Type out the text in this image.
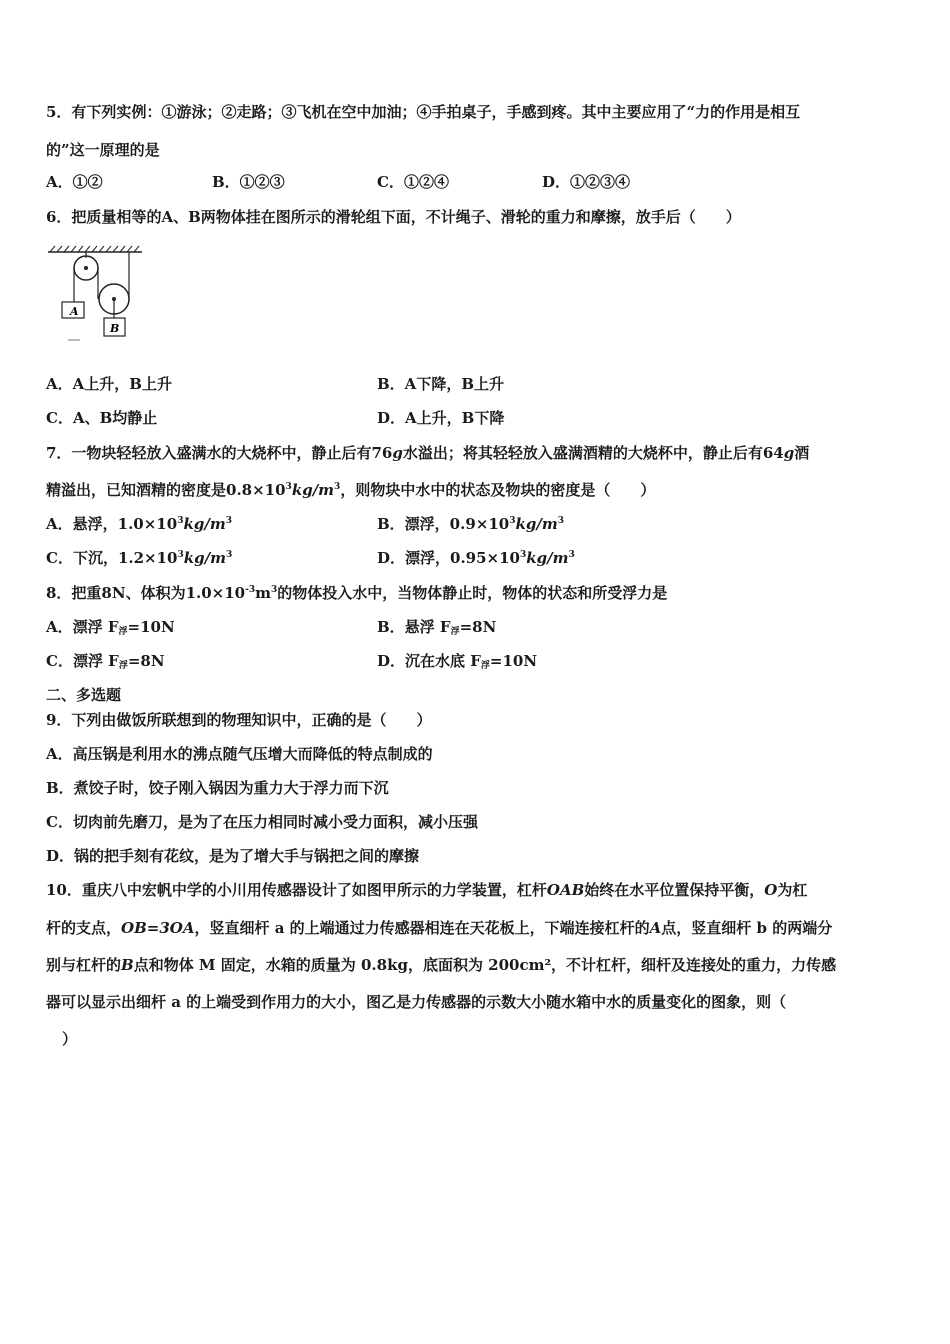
5．有下列实例：①游泳；②走路；③飞机在空中加油；④手拍桌子，手感到疼。其中主要应用了“力的作用是相互
的”这一原理的是
A．①②	B．①②③	C．①②④	D．①②③④
6．把质量相等的A、B两物体挂在图所示的滑轮组下面，不计绳子、滑轮的重力和摩擦，放手后（　　）
A
B
A．A上升，B上升	B．A下降，B上升
C．A、B均静止	D．A上升，B下降
7．一物块轻轻放入盛满水的大烧杯中，静止后有76g水溢出；将其轻轻放入盛满酒精的大烧杯中，静止后有64g酒
精溢出，已知酒精的密度是$0.8\times 10^3kg/m^3$，则物块中水中的状态及物块的密度是（　　）
A．悬浮，$1.0\times 10^3kg/m^3$	B．漂浮，$0.9\times 10^3kg/m^3$
C．下沉，$1.2\times 10^3kg/m^3$	D．漂浮，$0.95\times 10^3kg/m^3$
8．把重8N、体积为$1.0\times 10^{-3}m^3$的物体投入水中，当物体静止时，物体的状态和所受浮力是
A．漂浮 $F_浮=10N$	B．悬浮 $F_浮=8N$
C．漂浮 $F_浮=8N$	D．沉在水底 $F_浮=10N$
二、多选题
9．下列由做饭所联想到的物理知识中，正确的是（　　）
A．高压锅是利用水的沸点随气压增大而降低的特点制成的
B．煮饺子时，饺子刚入锅因为重力大于浮力而下沉
C．切肉前先磨刀，是为了在压力相同时减小受力面积，减小压强
D．锅的把手刻有花纹，是为了增大手与锅把之间的摩擦
10．重庆八中宏帆中学的小川用传感器设计了如图甲所示的力学装置，杠杆OAB始终在水平位置保持平衡，O为杠
杆的支点，OB=3OA，竖直细杆 a 的上端通过力传感器相连在天花板上，下端连接杠杆的A点，竖直细杆 b 的两端分
别与杠杆的B点和物体 M 固定，水箱的质量为 0.8kg，底面积为 200cm²，不计杠杆，细杆及连接处的重力，力传感
器可以显示出细杆 a 的上端受到作用力的大小，图乙是力传感器的示数大小随水箱中水的质量变化的图象，则（
）
